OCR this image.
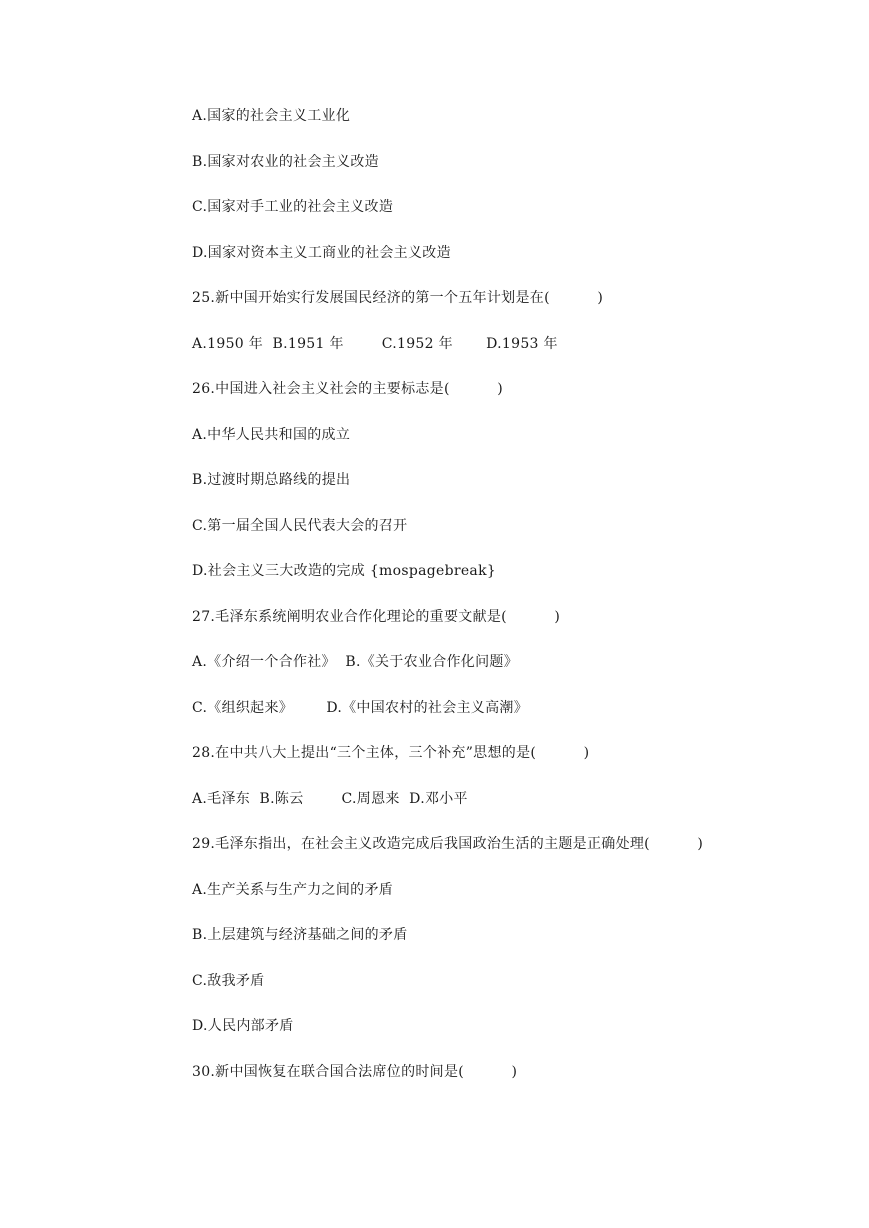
A.国家的社会主义工业化
B.国家对农业的社会主义改造
C.国家对手工业的社会主义改造
D.国家对资本主义工商业的社会主义改造
25.新中国开始实行发展国民经济的第一个五年计划是在(          )
A.1950 年  B.1951 年        C.1952 年       D.1953 年
26.中国进入社会主义社会的主要标志是(          )
A.中华人民共和国的成立
B.过渡时期总路线的提出
C.第一届全国人民代表大会的召开
D.社会主义三大改造的完成 {mospagebreak}
27.毛泽东系统阐明农业合作化理论的重要文献是(          )
A.《介绍一个合作社》  B.《关于农业合作化问题》
C.《组织起来》       D.《中国农村的社会主义高潮》
28.在中共八大上提出“三个主体，三个补充”思想的是(          )
A.毛泽东  B.陈云        C.周恩来  D.邓小平
29.毛泽东指出，在社会主义改造完成后我国政治生活的主题是正确处理(          )
A.生产关系与生产力之间的矛盾
B.上层建筑与经济基础之间的矛盾
C.敌我矛盾
D.人民内部矛盾
30.新中国恢复在联合国合法席位的时间是(          )
